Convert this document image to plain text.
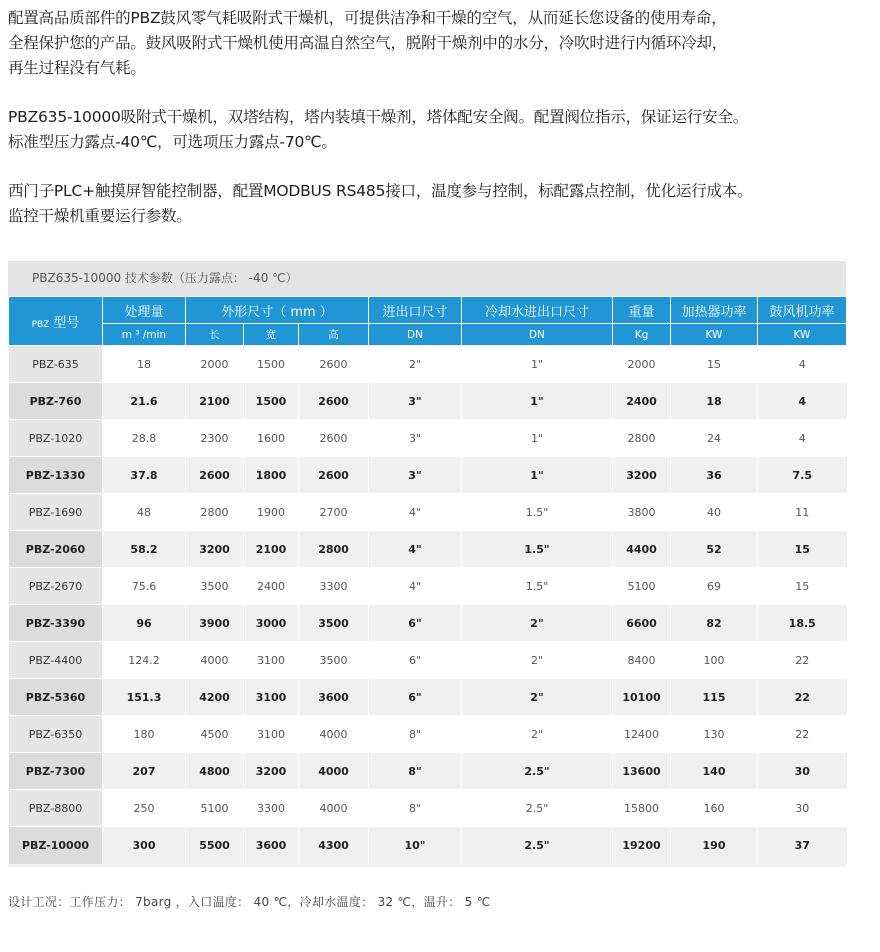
配置高品质部件的PBZ鼓风零气耗吸附式干燥机，可提供洁净和干燥的空气，从而延长您设备的使用寿命，
全程保护您的产品。鼓风吸附式干燥机使用高温自然空气，脱附干燥剂中的水分，冷吹时进行内循环冷却，
再生过程没有气耗。

PBZ635-10000吸附式干燥机，双塔结构，塔内装填干燥剂，塔体配安全阀。配置阀位指示，保证运行安全。
标准型压力露点-40℃，可选项压力露点-70℃。

西门子PLC+触摸屏智能控制器，配置MODBUS RS485接口，温度参与控制，标配露点控制，优化运行成本。
监控干燥机重要运行参数。

PBZ635-10000 技术参数（压力露点： -40 ℃）
PBZ 型号	处理量	外形尺寸（ mm ）			进出口尺寸	冷却水进出口尺寸	重量	加热器功率	鼓风机功率
	m ³ /min	长	宽	高	DN	DN	Kg	KW	KW
PBZ-635	18	2000	1500	2600	2"	1"	2000	15	4
PBZ-760	21.6	2100	1500	2600	3"	1"	2400	18	4
PBZ-1020	28.8	2300	1600	2600	3"	1"	2800	24	4
PBZ-1330	37.8	2600	1800	2600	3"	1"	3200	36	7.5
PBZ-1690	48	2800	1900	2700	4"	1.5"	3800	40	11
PBZ-2060	58.2	3200	2100	2800	4"	1.5"	4400	52	15
PBZ-2670	75.6	3500	2400	3300	4"	1.5"	5100	69	15
PBZ-3390	96	3900	3000	3500	6"	2"	6600	82	18.5
PBZ-4400	124.2	4000	3100	3500	6"	2"	8400	100	22
PBZ-5360	151.3	4200	3100	3600	6"	2"	10100	115	22
PBZ-6350	180	4500	3100	4000	8"	2"	12400	130	22
PBZ-7300	207	4800	3200	4000	8"	2.5"	13600	140	30
PBZ-8800	250	5100	3300	4000	8"	2.5"	15800	160	30
PBZ-10000	300	5500	3600	4300	10"	2.5"	19200	190	37
设计工况：工作压力： 7barg ，入口温度： 40 ℃，冷却水温度： 32 ℃，温升： 5 ℃
